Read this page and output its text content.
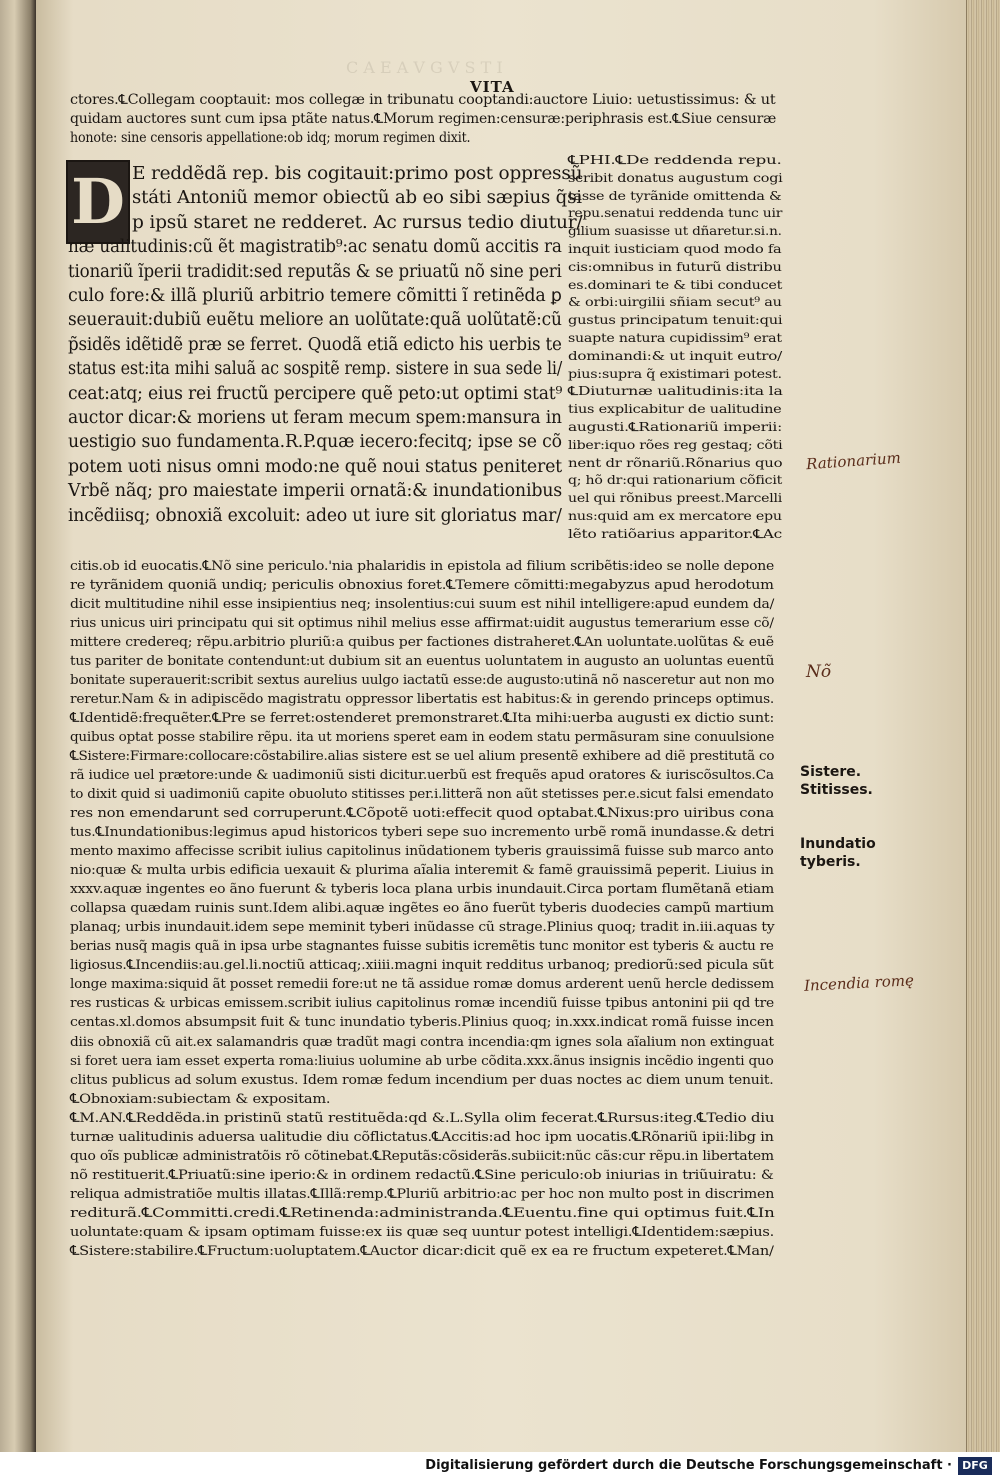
C A E A V G V S T I
VITA
ctores.℄Collegam cooptauit: mos collegæ in tribunatu cooptandi:auctore Liuio: uetustissimus: & ut
quidam auctores sunt cum ipsa ptãte natus.℄Morum regimen:censuræ:periphrasis est.℄Siue censuræ
honote: sine censoris appellatione:ob idq; morum regimen dixit.
D E reddẽdã rep. bis cogitauit:primo post oppressũ
státi Antoniũ memor obiectũ ab eo sibi sæpius q̃si
p ipsũ staret ne redderet. Ac rursus tedio diutur/
næ ualitudinis:cũ ẽt magistratib⁹:ac senatu domũ accitis ra
tionariũ ĩperii tradidit:sed reputãs & se priuatũ nõ sine peri
culo fore:& illã pluriũ arbitrio temere cõmitti ĩ retinẽda ꝑ
seuerauit:dubiũ euẽtu meliore an uolũtate:quã uolũtatẽ:cũ
p̃sidẽs idẽtidẽ præ se ferret. Quodã etiã edicto his uerbis te
status est:ita mihi saluã ac sospitẽ remp. sistere in sua sede li/
ceat:atq; eius rei fructũ percipere quẽ peto:ut optimi stat⁹
auctor dicar:& moriens ut feram mecum spem:mansura in
uestigio suo fundamenta.R.P.quæ iecero:fecitq; ipse se cõ
potem uoti nisus omni modo:ne quẽ noui status peniteret
Vrbẽ nãq; pro maiestate imperii ornatã:& inundationibus
incẽdiisq; obnoxiã excoluit: adeo ut iure sit gloriatus mar/
℄PHI.℄De reddenda repu.
scribit donatus augustum cogi
tasse de tyrãnide omittenda &
repu.senatui reddenda tunc uir
gilium suasisse ut dñaretur.si.n.
inquit iusticiam quod modo fa
cis:omnibus in futurũ distribu
es.dominari te & tibi conducet
& orbi:uirgilii sñiam secut⁹ au
gustus principatum tenuit:qui
suapte natura cupidissim⁹ erat
dominandi:& ut inquit eutro/
pius:supra q̃ existimari potest.
℄Diuturnæ ualitudinis:ita la
tius explicabitur de ualitudine
augusti.℄Rationariũ imperii:
liber:iquo rões reg gestaq; cõti
nent dr rõnariũ.Rõnarius quo
q; hõ dr:qui rationarium cõficit
uel qui rõnibus preest.Marcelli
nus:quid am ex mercatore epu
lẽto ratiõarius apparitor.℄Ac
citis.ob id euocatis.℄Nõ sine periculo.'nia phalaridis in epistola ad filium scribẽtis:ideo se nolle depone
re tyrãnidem quoniã undiq; periculis obnoxius foret.℄Temere cõmitti:megabyzus apud herodotum
dicit multitudine nihil esse insipientius neq; insolentius:cui suum est nihil intelligere:apud eundem da/
rius unicus uiri principatu qui sit optimus nihil melius esse affirmat:uidit augustus temerarium esse cõ/
mittere credereq; rẽpu.arbitrio pluriũ:a quibus per factiones distraheret.℄An uoluntate.uolũtas & euẽ
tus pariter de bonitate contendunt:ut dubium sit an euentus uoluntatem in augusto an uoluntas euentũ
bonitate superauerit:scribit sextus aurelius uulgo iactatũ esse:de augusto:utinã nõ nasceretur aut non mo
reretur.Nam & in adipiscẽdo magistratu oppressor libertatis est habitus:& in gerendo princeps optimus.
℄Identidẽ:frequẽter.℄Pre se ferret:ostenderet premonstraret.℄Ita mihi:uerba augusti ex dictio sunt:
quibus optat posse stabilire rẽpu. ita ut moriens speret eam in eodem statu permãsuram sine conuulsione
℄Sistere:Firmare:collocare:cõstabilire.alias sistere est se uel alium presentẽ exhibere ad diẽ prestitutã co
rã iudice uel prætore:unde & uadimoniũ sisti dicitur.uerbũ est frequẽs apud oratores & iuriscõsultos.Ca
to dixit quid si uadimoniũ capite obuoluto stitisses per.i.litterã non aũt stetisses per.e.sicut falsi emendato
res non emendarunt sed corruperunt.℄Cõpotẽ uoti:effecit quod optabat.℄Nixus:pro uiribus cona
tus.℄Inundationibus:legimus apud historicos tyberi sepe suo incremento urbẽ romã inundasse.& detri
mento maximo affecisse scribit iulius capitolinus inũdationem tyberis grauissimã fuisse sub marco anto
nio:quæ & multa urbis edificia uexauit & plurima aĩalia interemit & famẽ grauissimã peperit. Liuius in
xxxv.aquæ ingentes eo ãno fuerunt & tyberis loca plana urbis inundauit.Circa portam flumẽtanã etiam
collapsa quædam ruinis sunt.Idem alibi.aquæ ingẽtes eo ãno fuerũt tyberis duodecies campũ martium
planaq; urbis inundauit.idem sepe meminit tyberi inũdasse cũ strage.Plinius quoq; tradit in.iii.aquas ty
berias nusq̃ magis quã in ipsa urbe stagnantes fuisse subitis icremẽtis tunc monitor est tyberis & auctu re
ligiosus.℄Incendiis:au.gel.li.noctiũ atticaq;.xiiii.magni inquit redditus urbanoq; prediorũ:sed picula sũt
longe maxima:siquid ãt posset remedii fore:ut ne tã assidue romæ domus arderent uenũ hercle dedissem
res rusticas & urbicas emissem.scribit iulius capitolinus romæ incendiũ fuisse tpibus antonini pii qd tre
centas.xl.domos absumpsit fuit & tunc inundatio tyberis.Plinius quoq; in.xxx.indicat romã fuisse incen
diis obnoxiã cũ ait.ex salamandris quæ tradũt magi contra incendia:qm ignes sola aĩalium non extinguat
si foret uera iam esset experta roma:liuius uolumine ab urbe cõdita.xxx.ãnus insignis incẽdio ingenti quo
clitus publicus ad solum exustus. Idem romæ fedum incendium per duas noctes ac diem unum tenuit.
℄Obnoxiam:subiectam & expositam.
℄M.AN.℄Reddẽda.in pristinũ statũ restituẽda:qd &.L.Sylla olim fecerat.℄Rursus:iteg.℄Tedio diu
turnæ ualitudinis aduersa ualitudie diu cõflictatus.℄Accitis:ad hoc ipm uocatis.℄Rõnariũ ipii:libg in
quo oĩs publicæ administratõis rõ cõtinebat.℄Reputãs:cõsiderãs.subiicit:nũc cãs:cur rẽpu.in libertatem
nõ restituerit.℄Priuatũ:sine iperio:& in ordinem redactũ.℄Sine periculo:ob iniurias in triũuiratu: &
reliqua admistratiõe multis illatas.℄Illã:remp.℄Pluriũ arbitrio:ac per hoc non multo post in discrimen
rediturã.℄Committi.credi.℄Retinenda:administranda.℄Euentu.fine qui optimus fuit.℄In
uoluntate:quam & ipsam optimam fuisse:ex iis quæ seq uuntur potest intelligi.℄Identidem:sæpius.
℄Sistere:stabilire.℄Fructum:uoluptatem.℄Auctor dicar:dicit quẽ ex ea re fructum expeteret.℄Man/
Sistere.
Stitisses.
Inundatio
tyberis.
Rationarium
Nõ
Incendia romę
Digitalisierung gefördert durch die Deutsche Forschungsgemeinschaft · DFG
